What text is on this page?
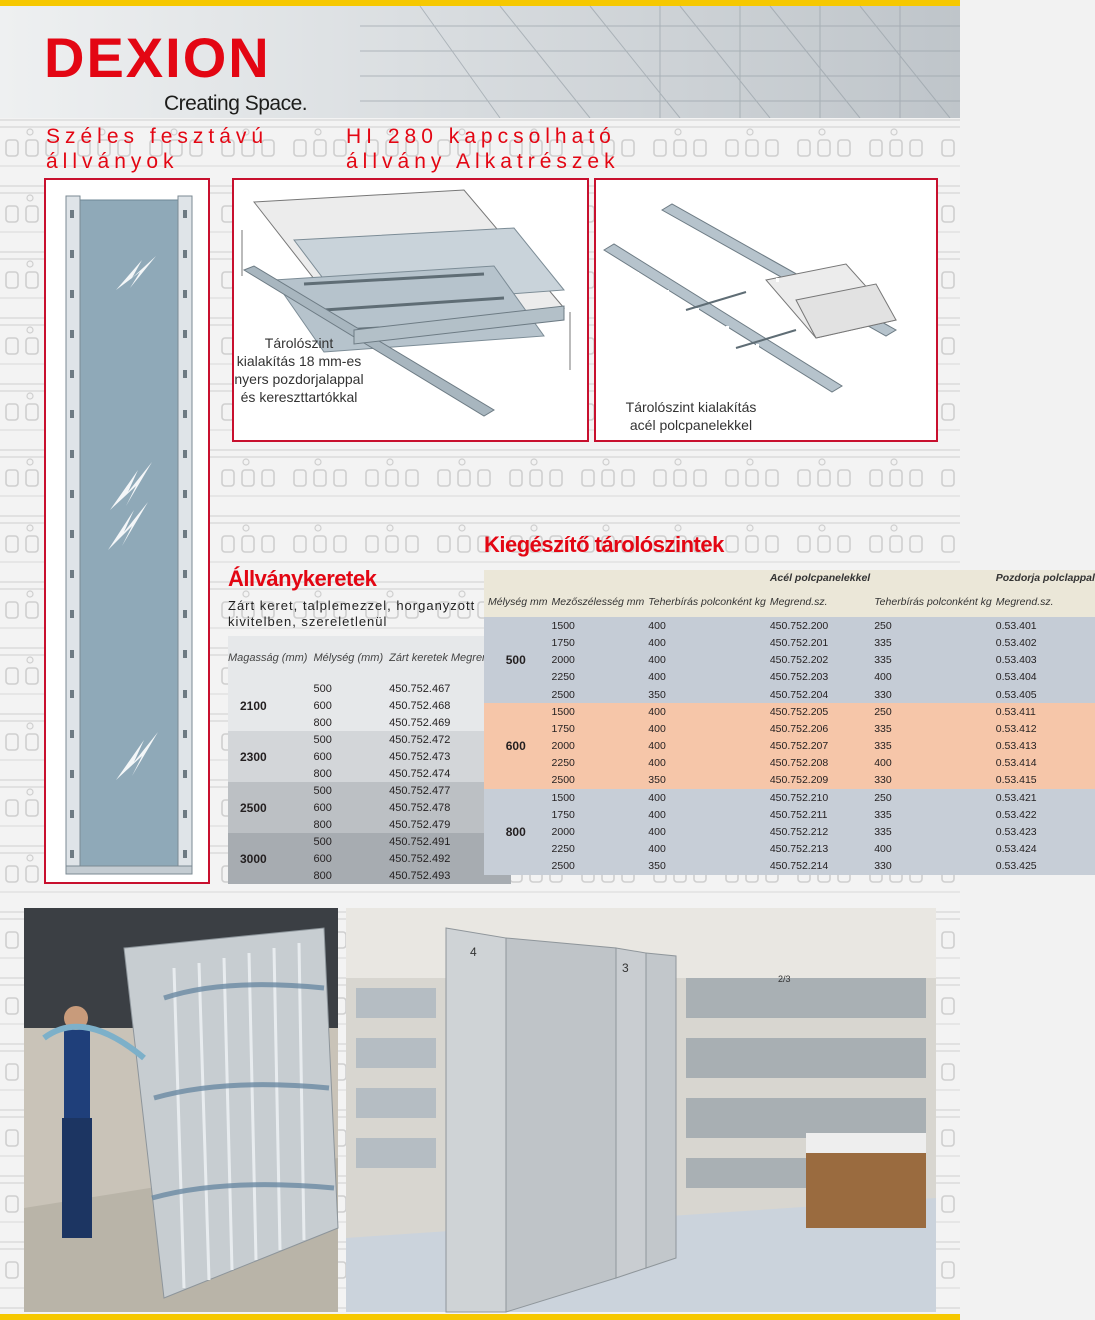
DEXION
Creating Space.
Széles fesztávú
állványok
HI 280 kapcsolható
állvány Alkatrészek
Tárolószint
kialakítás 18 mm-es
nyers pozdorjalappal
és kereszttartókkal
Tárolószint kialakítás
acél polcpanelekkel
Állványkeretek
Zárt keret, talplemezzel, horganyzott
kivitelben, szereletlenül
Magasság (mm)	Mélység (mm)	Zárt keretek Megrend.sz.
2100	500	450.752.467
	600	450.752.468
	800	450.752.469
2300	500	450.752.472
	600	450.752.473
	800	450.752.474
2500	500	450.752.477
	600	450.752.478
	800	450.752.479
3000	500	450.752.491
	600	450.752.492
	800	450.752.493
Kiegészítő tárolószintek
			Acél polcpanelekkel		Pozdorja polclappal
Mélység mm	Mezőszélesség mm	Teherbírás polconként kg	Megrend.sz.	Teherbírás polconként kg	Megrend.sz.
500	1500	400	450.752.200	250	0.53.401
	1750	400	450.752.201	335	0.53.402
	2000	400	450.752.202	335	0.53.403
	2250	400	450.752.203	400	0.53.404
	2500	350	450.752.204	330	0.53.405
600	1500	400	450.752.205	250	0.53.411
	1750	400	450.752.206	335	0.53.412
	2000	400	450.752.207	335	0.53.413
	2250	400	450.752.208	400	0.53.414
	2500	350	450.752.209	330	0.53.415
800	1500	400	450.752.210	250	0.53.421
	1750	400	450.752.211	335	0.53.422
	2000	400	450.752.212	335	0.53.423
	2250	400	450.752.213	400	0.53.424
	2500	350	450.752.214	330	0.53.425
4
3
2/3
